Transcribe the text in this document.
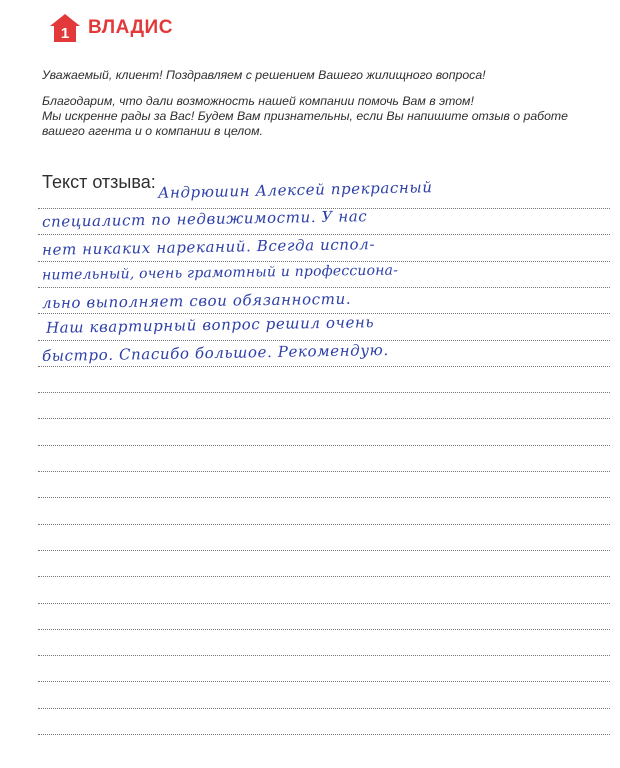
1 ВЛАДИС

Уважаемый, клиент! Поздравляем с решением Вашего жилищного вопроса!

Благодарим, что дали возможность нашей компании помочь Вам в этом!

Мы искренне рады за Вас! Будем Вам признательны, если Вы напишите отзыв о работе

вашего агента и о компании в целом.

Текст отзыва: Андрюшин Алексей прекрасный
специалист по недвижимости. У нас
нет никаких нареканий. Всегда испол-
нительный, очень грамотный и профессиона-
льно выполняет свои обязанности.
Наш квартирный вопрос решил очень
быстро. Спасибо большое. Рекомендую.
